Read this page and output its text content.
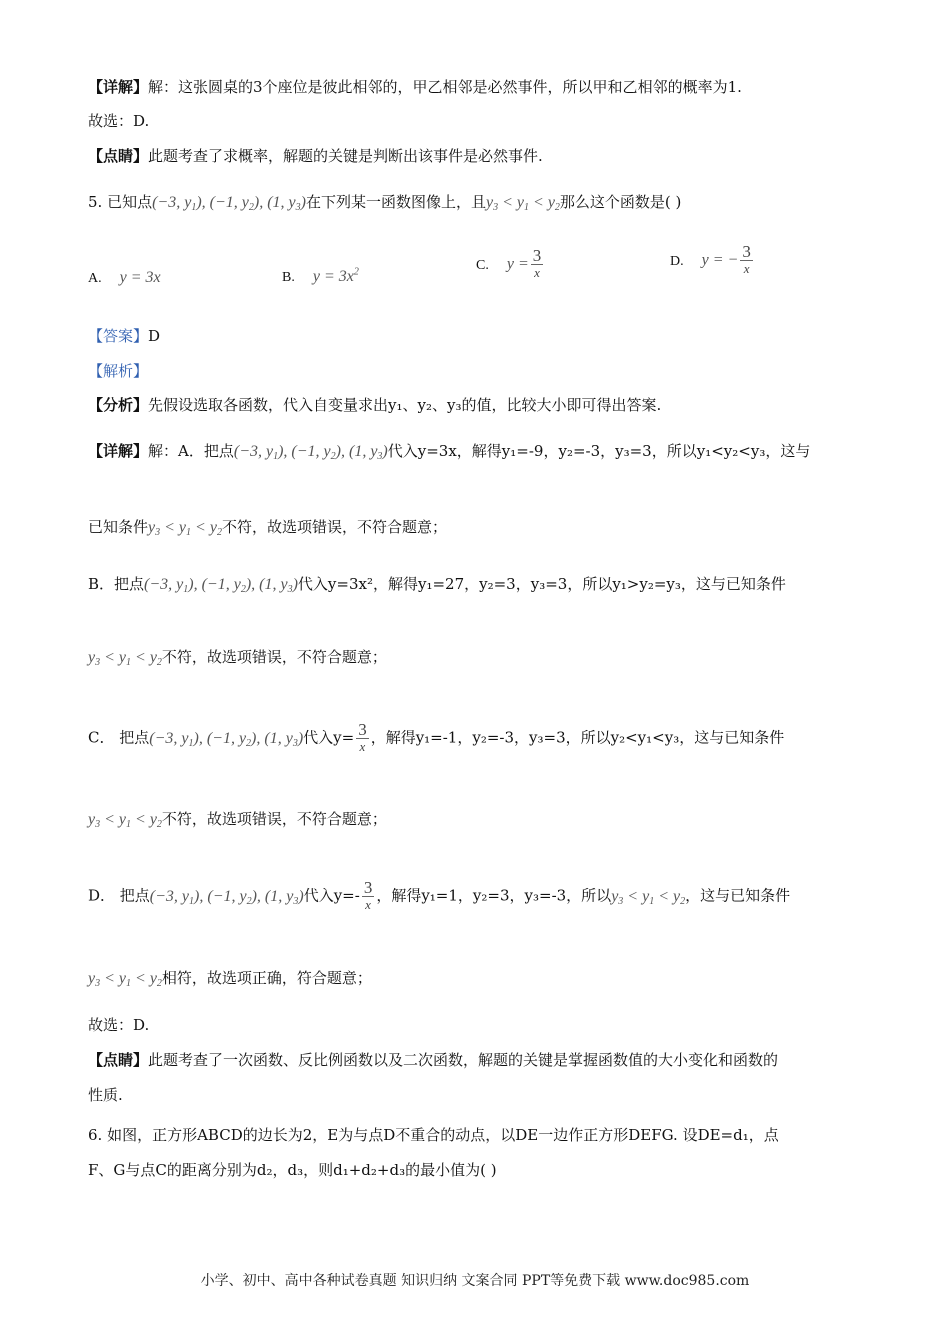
【详解】解：这张圆桌的3个座位是彼此相邻的，甲乙相邻是必然事件，所以甲和乙相邻的概率为1.
故选：D.
【点睛】此题考查了求概率，解题的关键是判断出该事件是必然事件.
5. 已知点(−3, $y_1$), (−1, $y_2$), (1, $y_3$)在下列某一函数图像上，且$y_3 < y_1 < y_2$那么这个函数是( )
A. y = 3x	B. $y = 3x^2$	C. $y = \frac{3}{x}$	D. y = − $\frac{3}{x}$
【答案】D
【解析】
【分析】先假设选取各函数，代入自变量求出y₁、y₂、y₃的值，比较大小即可得出答案.
【详解】解：A．把点(−3, $y_1$), (−1, $y_2$), (1, $y_3$)代入y=3x，解得y₁=-9，y₂=-3，y₃=3，所以y₁<y₂<y₃，这与
已知条件$y_3 < y_1 < y_2$不符，故选项错误，不符合题意；
B．把点(−3, $y_1$), (−1, $y_2$), (1, $y_3$)代入y=3x²，解得y₁=27，y₂=3，y₃=3，所以y₁>y₂=y₃，这与已知条件
$y_3 < y_1 < y_2$不符，故选项错误，不符合题意；
C． 把点(−3, $y_1$), (−1, $y_2$), (1, $y_3$)代入$y= \frac{3}{x}$ ，解得y₁=-1，y₂=-3，y₃=3，所以y₂<y₁<y₃，这与已知条件
$y_3 < y_1 < y_2$不符，故选项错误，不符合题意；
D． 把点(−3, $y_1$), (−1, $y_2$), (1, $y_3$)代入$y=- \frac{3}{x}$ ，解得y₁=1，y₂=3，y₃=-3，所以$y_3 < y_1 < y_2$，这与已知条件
$y_3 < y_1 < y_2$相符，故选项正确，符合题意；
故选：D.
【点睛】此题考查了一次函数、反比例函数以及二次函数，解题的关键是掌握函数值的大小变化和函数的
性质.
6. 如图，正方形ABCD的边长为2，E为与点D不重合的动点，以DE一边作正方形DEFG. 设DE=d₁，点
F、G与点C的距离分别为d₂，d₃，则d₁+d₂+d₃的最小值为( )
小学、初中、高中各种试卷真题 知识归纳 文案合同 PPT等免费下载 www.doc985.com
